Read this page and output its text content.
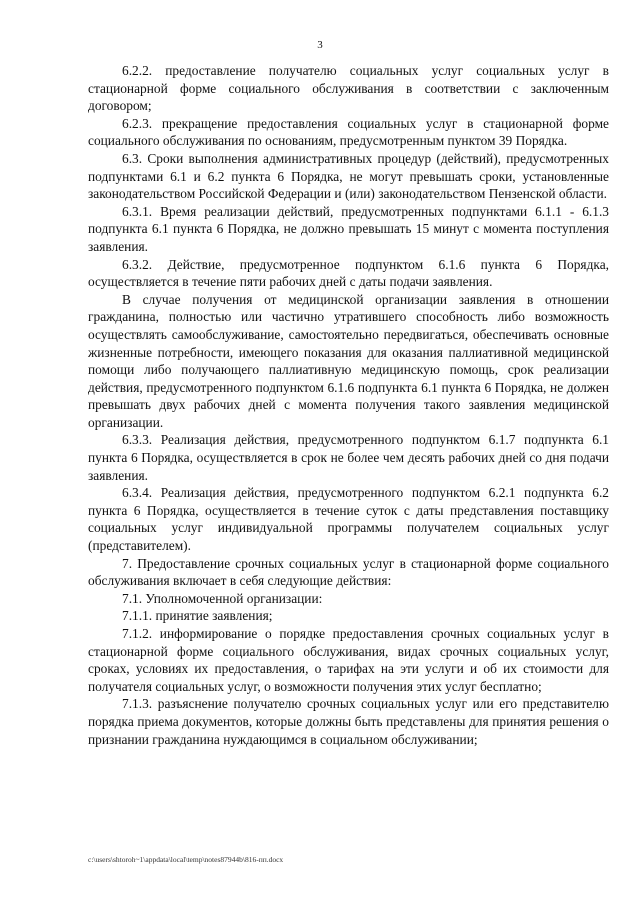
3

6.2.2. предоставление получателю социальных услуг социальных услуг в стационарной форме социального обслуживания в соответствии с заключенным договором;

6.2.3. прекращение предоставления социальных услуг в стационарной форме социального обслуживания по основаниям, предусмотренным пунктом 39 Порядка.

6.3. Сроки выполнения административных процедур (действий), предусмотренных подпунктами 6.1 и 6.2 пункта 6 Порядка, не могут превышать сроки, установленные законодательством Российской Федерации и (или) законодательством Пензенской области.

6.3.1. Время реализации действий, предусмотренных подпунктами 6.1.1 - 6.1.3 подпункта 6.1 пункта 6 Порядка, не должно превышать 15 минут с момента поступления заявления.

6.3.2. Действие, предусмотренное подпунктом 6.1.6 пункта 6 Порядка, осуществляется в течение пяти рабочих дней с даты подачи заявления.

В случае получения от медицинской организации заявления в отношении гражданина, полностью или частично утратившего способность либо возможность осуществлять самообслуживание, самостоятельно передвигаться, обеспечивать основные жизненные потребности, имеющего показания для оказания паллиативной медицинской помощи либо получающего паллиативную медицинскую помощь, срок реализации действия, предусмотренного подпунктом 6.1.6 подпункта 6.1 пункта 6 Порядка, не должен превышать двух рабочих дней с момента получения такого заявления медицинской организации.

6.3.3. Реализация действия, предусмотренного подпунктом 6.1.7 подпункта 6.1 пункта 6 Порядка, осуществляется в срок не более чем десять рабочих дней со дня подачи заявления.

6.3.4. Реализация действия, предусмотренного подпунктом 6.2.1 подпункта 6.2 пункта 6 Порядка, осуществляется в течение суток с даты представления поставщику социальных услуг индивидуальной программы получателем социальных услуг (представителем).

7. Предоставление срочных социальных услуг в стационарной форме социального обслуживания включает в себя следующие действия:

7.1. Уполномоченной организации:

7.1.1. принятие заявления;

7.1.2. информирование о порядке предоставления срочных социальных услуг в стационарной форме социального обслуживания, видах срочных социальных услуг, сроках, условиях их предоставления, о тарифах на эти услуги и об их стоимости для получателя социальных услуг, о возможности получения этих услуг бесплатно;

7.1.3. разъяснение получателю срочных социальных услуг или его представителю порядка приема документов, которые должны быть представлены для принятия решения о признании гражданина нуждающимся в социальном обслуживании;

c:\users\shtoroh~1\appdata\local\temp\notes87944b\816-пп.docx
